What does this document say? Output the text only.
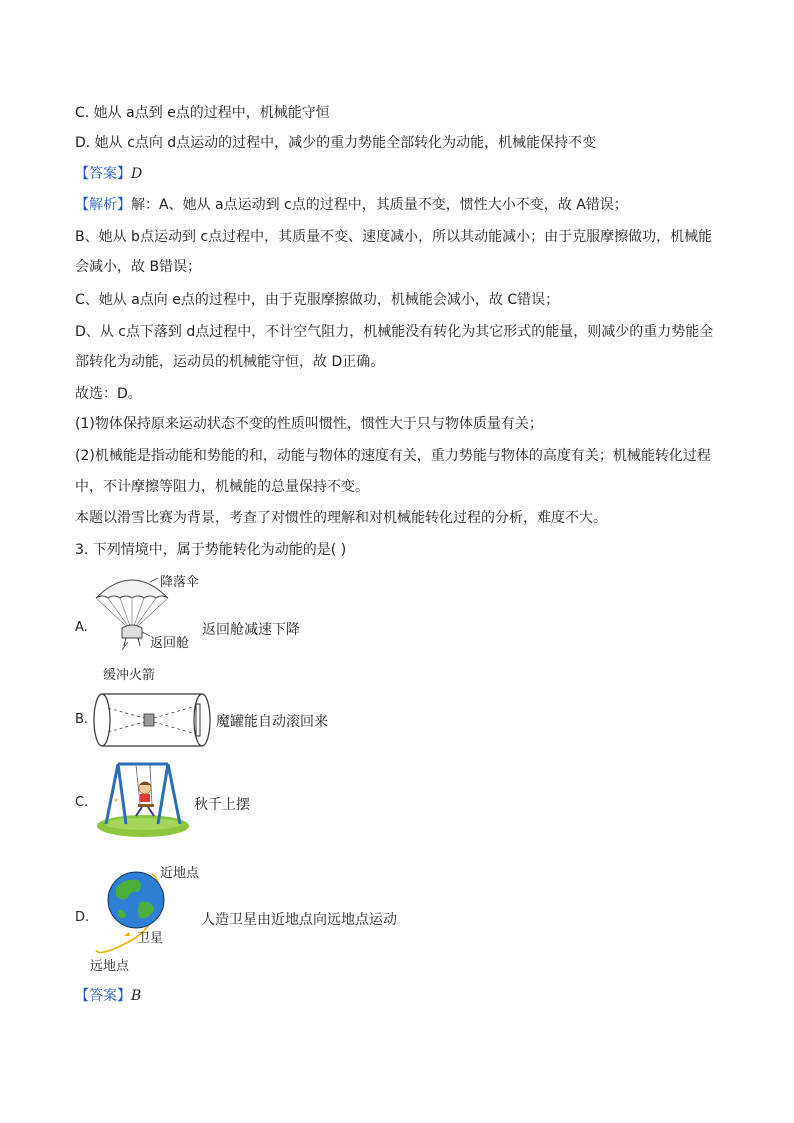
C. 她从 a点到 e点的过程中，机械能守恒
D. 她从 c点向 d点运动的过程中，减少的重力势能全部转化为动能，机械能保持不变
【答案】D
【解析】解：A、她从 a点运动到 c点的过程中，其质量不变，惯性大小不变，故 A错误；
B、她从 b点运动到 c点过程中，其质量不变、速度减小，所以其动能减小；由于克服摩擦做功，机械能
会减小，故 B错误；
C、她从 a点向 e点的过程中，由于克服摩擦做功，机械能会减小，故 C错误；
D、从 c点下落到 d点过程中，不计空气阻力，机械能没有转化为其它形式的能量，则减少的重力势能全
部转化为动能，运动员的机械能守恒，故 D正确。
故选：D。
(1)物体保持原来运动状态不变的性质叫惯性，惯性大于只与物体质量有关；
(2)机械能是指动能和势能的和，动能与物体的速度有关，重力势能与物体的高度有关；机械能转化过程
中，不计摩擦等阻力，机械能的总量保持不变。
本题以滑雪比赛为背景，考查了对惯性的理解和对机械能转化过程的分析，难度不大。
3. 下列情境中，属于势能转化为动能的是( )
A.
降落伞
返回舱
缓冲火箭
返回舱减速下降
B.	魔罐能自动滚回来
C.	秋千上摆
D.
近地点
卫星
远地点
人造卫星由近地点向远地点运动
【答案】B
